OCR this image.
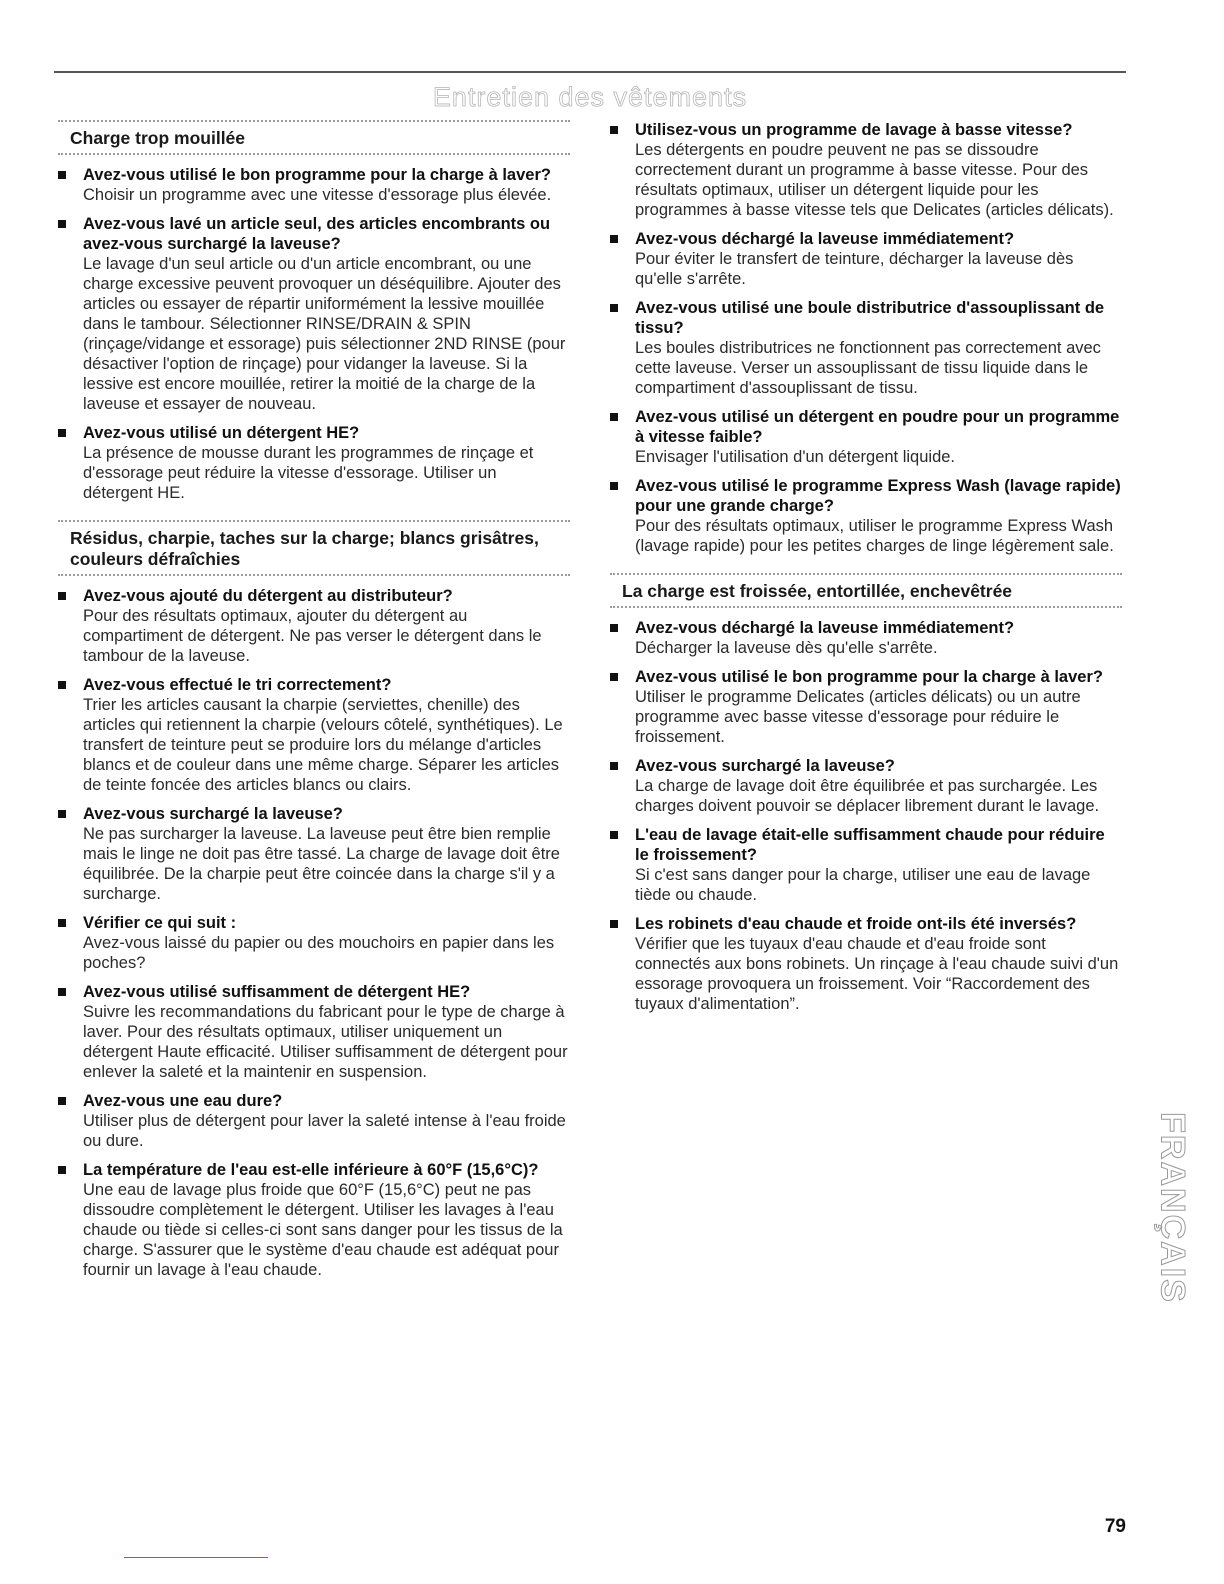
Entretien des vêtements
Charge trop mouillée
Avez-vous utilisé le bon programme pour la charge à laver?
Choisir un programme avec une vitesse d'essorage plus élevée.
Avez-vous lavé un article seul, des articles encombrants ou avez-vous surchargé la laveuse?
Le lavage d'un seul article ou d'un article encombrant, ou une charge excessive peuvent provoquer un déséquilibre. Ajouter des articles ou essayer de répartir uniformément la lessive mouillée dans le tambour. Sélectionner RINSE/DRAIN & SPIN (rinçage/vidange et essorage) puis sélectionner 2ND RINSE (pour désactiver l'option de rinçage) pour vidanger la laveuse. Si la lessive est encore mouillée, retirer la moitié de la charge de la laveuse et essayer de nouveau.
Avez-vous utilisé un détergent HE?
La présence de mousse durant les programmes de rinçage et d'essorage peut réduire la vitesse d'essorage. Utiliser un détergent HE.
Résidus, charpie, taches sur la charge; blancs grisâtres, couleurs défraîchies
Avez-vous ajouté du détergent au distributeur?
Pour des résultats optimaux, ajouter du détergent au compartiment de détergent. Ne pas verser le détergent dans le tambour de la laveuse.
Avez-vous effectué le tri correctement?
Trier les articles causant la charpie (serviettes, chenille) des articles qui retiennent la charpie (velours côtelé, synthétiques). Le transfert de teinture peut se produire lors du mélange d'articles blancs et de couleur dans une même charge. Séparer les articles de teinte foncée des articles blancs ou clairs.
Avez-vous surchargé la laveuse?
Ne pas surcharger la laveuse. La laveuse peut être bien remplie mais le linge ne doit pas être tassé. La charge de lavage doit être équilibrée. De la charpie peut être coincée dans la charge s'il y a surcharge.
Vérifier ce qui suit :
Avez-vous laissé du papier ou des mouchoirs en papier dans les poches?
Avez-vous utilisé suffisamment de détergent HE?
Suivre les recommandations du fabricant pour le type de charge à laver. Pour des résultats optimaux, utiliser uniquement un détergent Haute efficacité. Utiliser suffisamment de détergent pour enlever la saleté et la maintenir en suspension.
Avez-vous une eau dure?
Utiliser plus de détergent pour laver la saleté intense à l'eau froide ou dure.
La température de l'eau est-elle inférieure à 60°F (15,6°C)?
Une eau de lavage plus froide que 60°F (15,6°C) peut ne pas dissoudre complètement le détergent. Utiliser les lavages à l'eau chaude ou tiède si celles-ci sont sans danger pour les tissus de la charge. S'assurer que le système d'eau chaude est adéquat pour fournir un lavage à l'eau chaude.
Utilisez-vous un programme de lavage à basse vitesse?
Les détergents en poudre peuvent ne pas se dissoudre correctement durant un programme à basse vitesse. Pour des résultats optimaux, utiliser un détergent liquide pour les programmes à basse vitesse tels que Delicates (articles délicats).
Avez-vous déchargé la laveuse immédiatement?
Pour éviter le transfert de teinture, décharger la laveuse dès qu'elle s'arrête.
Avez-vous utilisé une boule distributrice d'assouplissant de tissu?
Les boules distributrices ne fonctionnent pas correctement avec cette laveuse. Verser un assouplissant de tissu liquide dans le compartiment d'assouplissant de tissu.
Avez-vous utilisé un détergent en poudre pour un programme à vitesse faible?
Envisager l'utilisation d'un détergent liquide.
Avez-vous utilisé le programme Express Wash (lavage rapide) pour une grande charge?
Pour des résultats optimaux, utiliser le programme Express Wash (lavage rapide) pour les petites charges de linge légèrement sale.
La charge est froissée, entortillée, enchevêtrée
Avez-vous déchargé la laveuse immédiatement?
Décharger la laveuse dès qu'elle s'arrête.
Avez-vous utilisé le bon programme pour la charge à laver?
Utiliser le programme Delicates (articles délicats) ou un autre programme avec basse vitesse d'essorage pour réduire le froissement.
Avez-vous surchargé la laveuse?
La charge de lavage doit être équilibrée et pas surchargée. Les charges doivent pouvoir se déplacer librement durant le lavage.
L'eau de lavage était-elle suffisamment chaude pour réduire le froissement?
Si c'est sans danger pour la charge, utiliser une eau de lavage tiède ou chaude.
Les robinets d'eau chaude et froide ont-ils été inversés?
Vérifier que les tuyaux d'eau chaude et d'eau froide sont connectés aux bons robinets. Un rinçage à l'eau chaude suivi d'un essorage provoquera un froissement. Voir “Raccordement des tuyaux d'alimentation”.
FRANÇAIS
79
